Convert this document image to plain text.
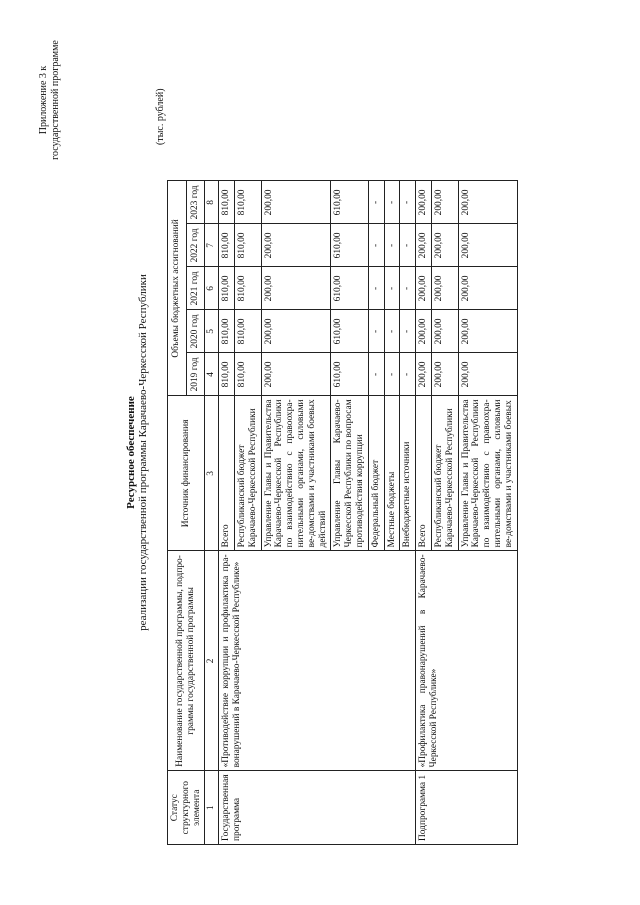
Приложение 3 к государственной программе
Ресурсное обеспечение реализации государственной программы Карачаево-Черкесской Республики
(тыс. рублей)
Статус структурного элемента	Наименование государственной программы, подпро-граммы государственной программы	Источник финансирования	Объемы бюджетных ассигнований				
			2019 год	2020 год	2021 год	2022 год	2023 год
1	2	3	4	5	6	7	8
Государственная программа	«Противодействие коррупции и профилактика пра-вонарушений в Карачаево-Черкесской Республике»	Всего	810,00	810,00	810,00	810,00	810,00
		Республиканский бюджет Карачаево-Черкесской Республики	810,00	810,00	810,00	810,00	810,00
		Управление Главы и Правительства Карачаево-Черкесской Республики по взаимодействию с правоохра-нительными органами, силовыми ве-домствами и участниками боевых действий	200,00	200,00	200,00	200,00	200,00
		Управление Главы Карачаево-Черкесской Республики по вопросам противодействия коррупции	610,00	610,00	610,00	610,00	610,00
		Федеральный бюджет	-	-	-	-	-
		Местные бюджеты	-	-	-	-	-
		Внебюджетные источники	-	-	-	-	-
Подпрограмма 1	«Профилактика правонарушений в Карачаево-Черкесской Республике»	Всего	200,00	200,00	200,00	200,00	200,00
		Республиканский бюджет Карачаево-Черкесской Республики	200,00	200,00	200,00	200,00	200,00
		Управление Главы и Правительства Карачаево-Черкесской Республики по взаимодействию с правоохра-нительными органами, силовыми ве-домствами и участниками боевых	200,00	200,00	200,00	200,00	200,00
